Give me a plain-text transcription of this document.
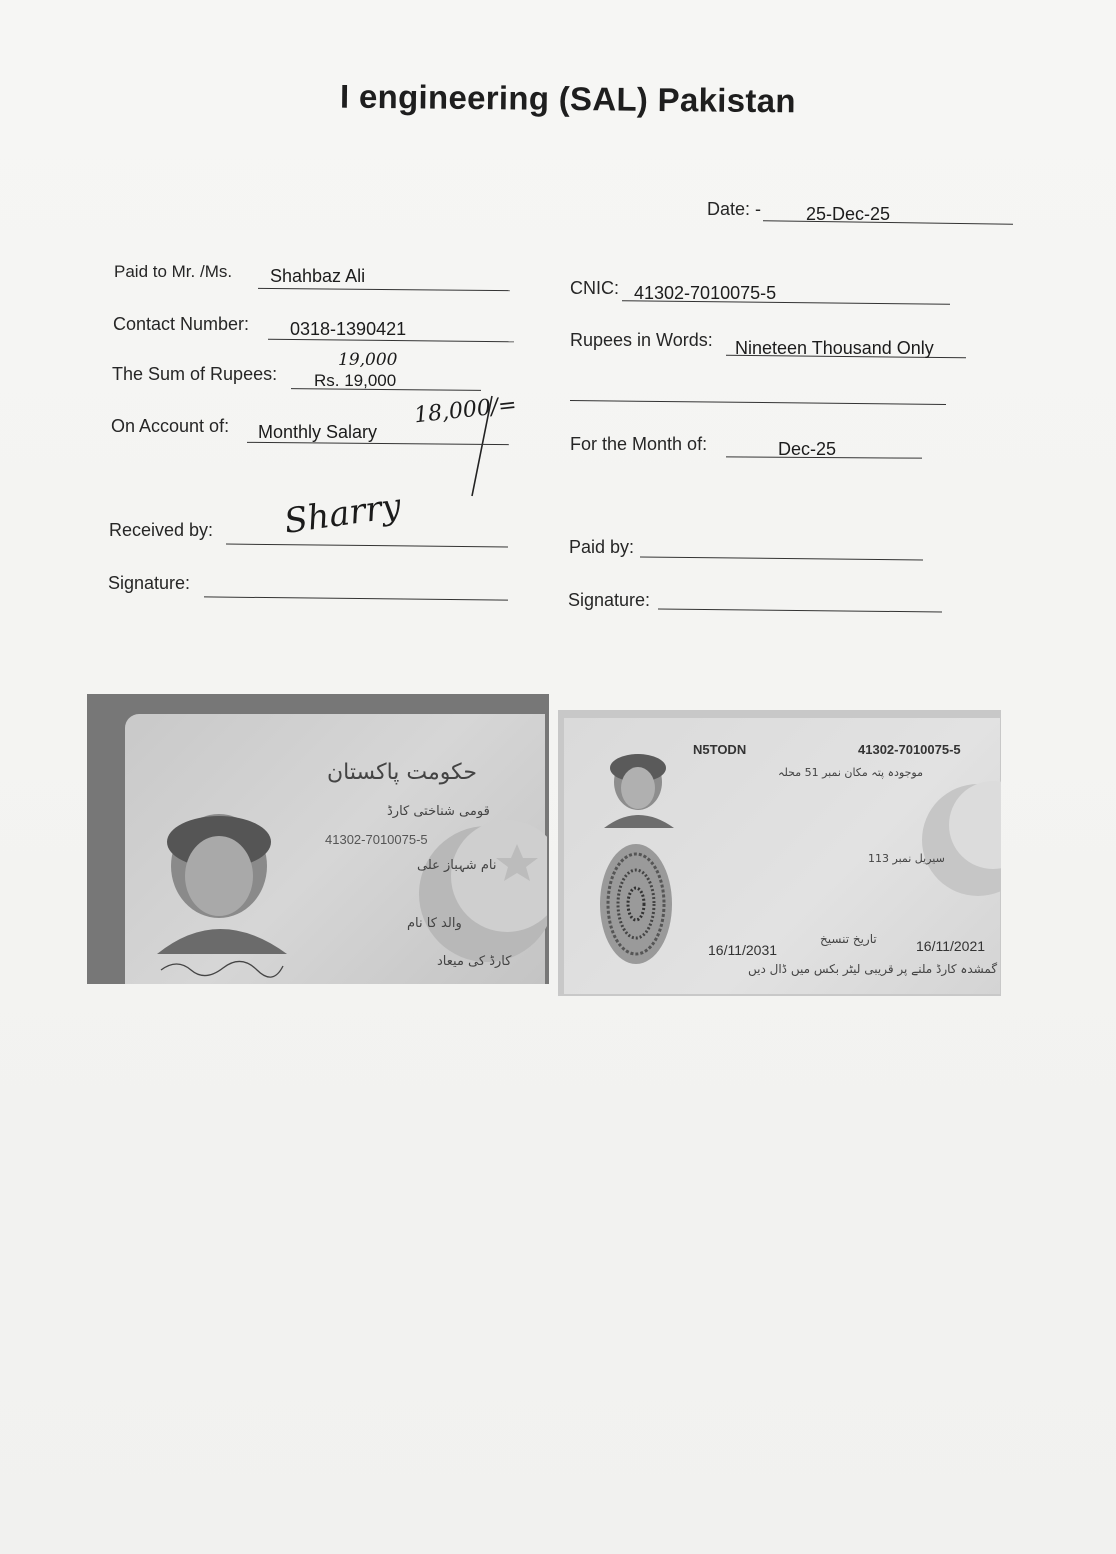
I engineering (SAL) Pakistan
Date: - 25-Dec-25
Paid to Mr. /Ms. Shahbaz Ali
CNIC: 41302-7010075-5
Contact Number: 0318-1390421
Rupees in Words: Nineteen Thousand Only
The Sum of Rupees: Rs. 19,000
19,000
18,000/=
On Account of: Monthly Salary
For the Month of:	Dec-25
Received by: Sharry
Paid by:
Signature:
Signature:
حکومت پاکستان
قومی شناختی کارڈ
41302-7010075-5
نام شہباز علی
والد کا نام
کارڈ کی میعاد
N5TODN	41302-7010075-5
موجودہ پتہ مکان نمبر 51 محلہ
سیریل نمبر 113
16/11/2031
تاریخ تنسیخ	16/11/2021
گمشدہ کارڈ ملنے پر قریبی لیٹر بکس میں ڈال دیں
